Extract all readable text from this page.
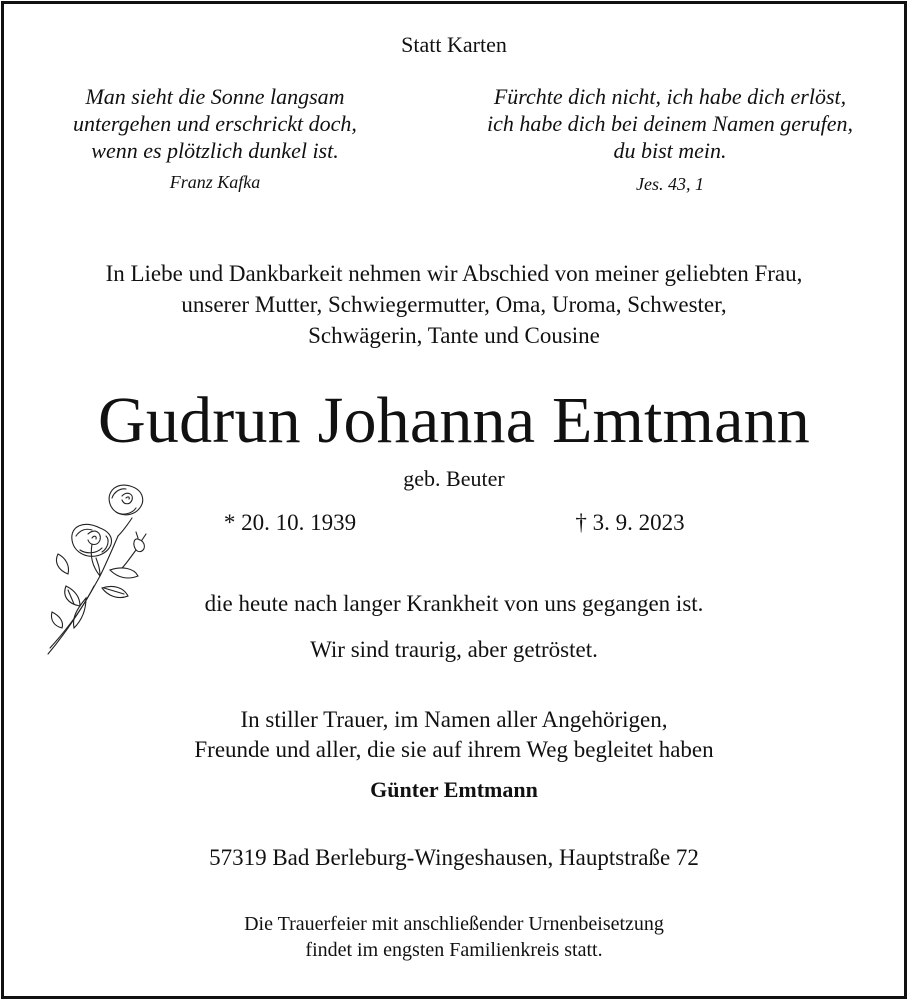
Statt Karten
Man sieht die Sonne langsam
untergehen und erschrickt doch,
wenn es plötzlich dunkel ist.
Franz Kafka
Fürchte dich nicht, ich habe dich erlöst,
ich habe dich bei deinem Namen gerufen,
du bist mein.
Jes. 43, 1
In Liebe und Dankbarkeit nehmen wir Abschied von meiner geliebten Frau,
unserer Mutter, Schwiegermutter, Oma, Uroma, Schwester,
Schwägerin, Tante und Cousine
Gudrun Johanna Emtmann
geb. Beuter
* 20. 10. 1939	† 3. 9. 2023
die heute nach langer Krankheit von uns gegangen ist.
Wir sind traurig, aber getröstet.
In stiller Trauer, im Namen aller Angehörigen,
Freunde und aller, die sie auf ihrem Weg begleitet haben
Günter Emtmann
57319 Bad Berleburg-Wingeshausen, Hauptstraße 72
Die Trauerfeier mit anschließender Urnenbeisetzung
findet im engsten Familienkreis statt.
